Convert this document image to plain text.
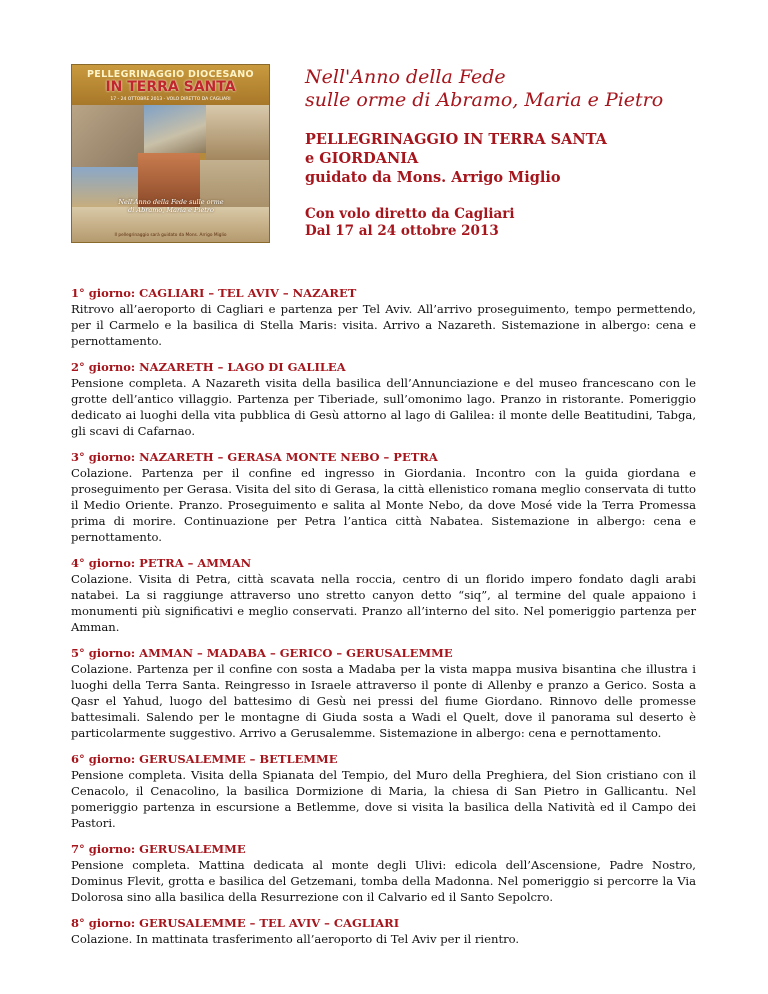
PELLEGRINAGGIO DIOCESANO
IN TERRA SANTA
17 - 24 OTTOBRE 2013 - VOLO DIRETTO DA CAGLIARI
Nell'Anno della Fede sulle orme di Abramo, Maria e Pietro
Il pellegrinaggio sarà guidato da Mons. Arrigo Miglio
Nell'Anno della Fede
sulle orme di Abramo, Maria e Pietro
PELLEGRINAGGIO IN TERRA SANTA
e GIORDANIA
guidato da Mons. Arrigo Miglio
Con volo diretto da Cagliari
Dal 17 al 24 ottobre 2013
1° giorno: CAGLIARI – TEL AVIV – NAZARET
Ritrovo all’aeroporto di Cagliari e partenza per Tel Aviv. All’arrivo proseguimento, tempo permettendo, per il Carmelo e la basilica di Stella Maris: visita. Arrivo a Nazareth. Sistemazione in albergo: cena e pernottamento.
2° giorno: NAZARETH – LAGO DI GALILEA
Pensione completa. A Nazareth visita della basilica dell’Annunciazione e del museo francescano con le grotte dell’antico villaggio. Partenza per Tiberiade, sull’omonimo lago. Pranzo in ristorante. Pomeriggio dedicato ai luoghi della vita pubblica di Gesù attorno al lago di Galilea: il monte delle Beatitudini, Tabga, gli scavi di Cafarnao.
3° giorno: NAZARETH – GERASA MONTE NEBO – PETRA
Colazione. Partenza per il confine ed ingresso in Giordania. Incontro con la guida giordana e proseguimento per Gerasa. Visita del sito di Gerasa, la città ellenistico romana meglio conservata di tutto il Medio Oriente. Pranzo. Proseguimento e salita al Monte Nebo, da dove Mosé vide la Terra Promessa prima di morire. Continuazione per Petra l’antica città Nabatea. Sistemazione in albergo: cena e pernottamento.
4° giorno: PETRA – AMMAN
Colazione. Visita di Petra, città scavata nella roccia, centro di un florido impero fondato dagli arabi natabei. La si raggiunge attraverso uno stretto canyon detto “siq”, al termine del quale appaiono i monumenti più significativi e meglio conservati. Pranzo all’interno del sito. Nel pomeriggio partenza per Amman.
5° giorno: AMMAN – MADABA – GERICO – GERUSALEMME
Colazione. Partenza per il confine con sosta a Madaba per la vista mappa musiva bisantina che illustra i luoghi della Terra Santa. Reingresso in Israele attraverso il ponte di Allenby e pranzo a Gerico. Sosta a Qasr el Yahud, luogo del battesimo di Gesù nei pressi del fiume Giordano. Rinnovo delle promesse battesimali. Salendo per le montagne di Giuda sosta a Wadi el Quelt, dove il panorama sul deserto è particolarmente suggestivo. Arrivo a Gerusalemme. Sistemazione in albergo: cena e pernottamento.
6° giorno: GERUSALEMME – BETLEMME
Pensione completa. Visita della Spianata del Tempio, del Muro della Preghiera, del Sion cristiano con il Cenacolo, il Cenacolino, la basilica Dormizione di Maria, la chiesa di San Pietro in Gallicantu. Nel pomeriggio partenza in escursione a Betlemme, dove si visita la basilica della Natività ed il Campo dei Pastori.
7° giorno: GERUSALEMME
Pensione completa. Mattina dedicata al monte degli Ulivi: edicola dell’Ascensione, Padre Nostro, Dominus Flevit, grotta e basilica del Getzemani, tomba della Madonna. Nel pomeriggio si percorre la Via Dolorosa sino alla basilica della Resurrezione con il Calvario ed il Santo Sepolcro.
8° giorno: GERUSALEMME – TEL AVIV – CAGLIARI
Colazione. In mattinata trasferimento all’aeroporto di Tel Aviv per il rientro.
